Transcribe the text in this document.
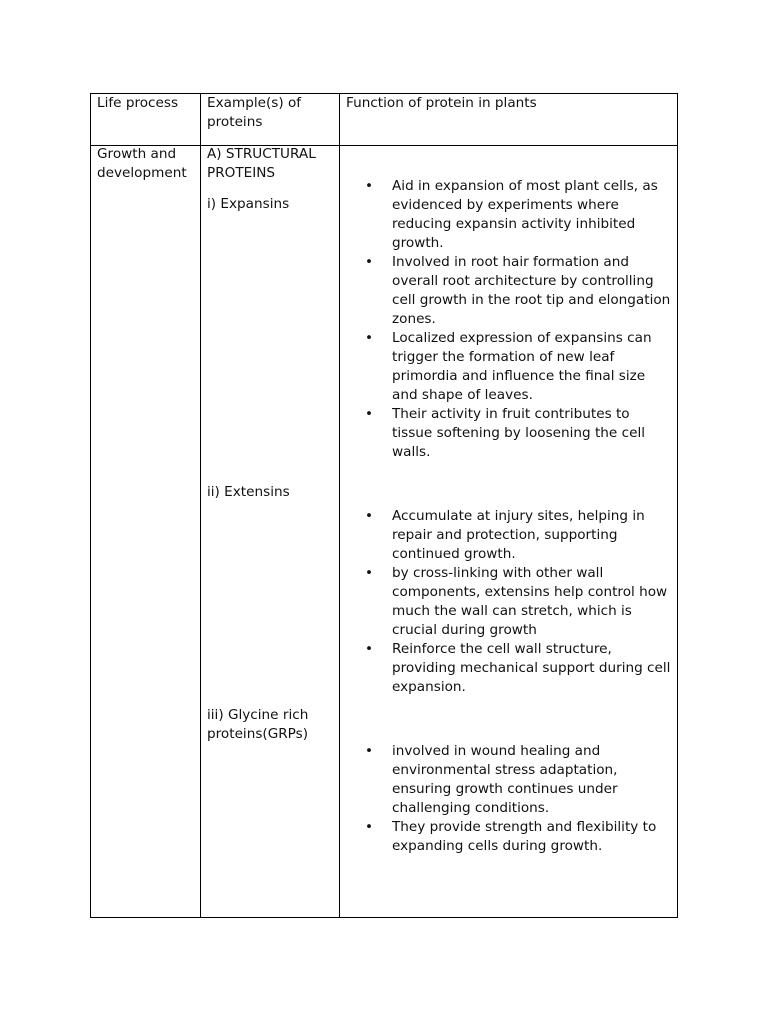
Life process	Example(s) of proteins
Function of protein in plants
Growth and development
A) STRUCTURAL PROTEINS
i) Expansins
• Aid in expansion of most plant cells, as evidenced by experiments where reducing expansin activity inhibited growth.
• Involved in root hair formation and overall root architecture by controlling cell growth in the root tip and elongation zones.
• Localized expression of expansins can trigger the formation of new leaf primordia and influence the final size and shape of leaves.
• Their activity in fruit contributes to tissue softening by loosening the cell walls.
ii) Extensins
• Accumulate at injury sites, helping in repair and protection, supporting continued growth.
• by cross-linking with other wall components, extensins help control how much the wall can stretch, which is crucial during growth
• Reinforce the cell wall structure, providing mechanical support during cell expansion.
iii) Glycine rich proteins(GRPs)
• involved in wound healing and environmental stress adaptation, ensuring growth continues under challenging conditions.
• They provide strength and flexibility to expanding cells during growth.
